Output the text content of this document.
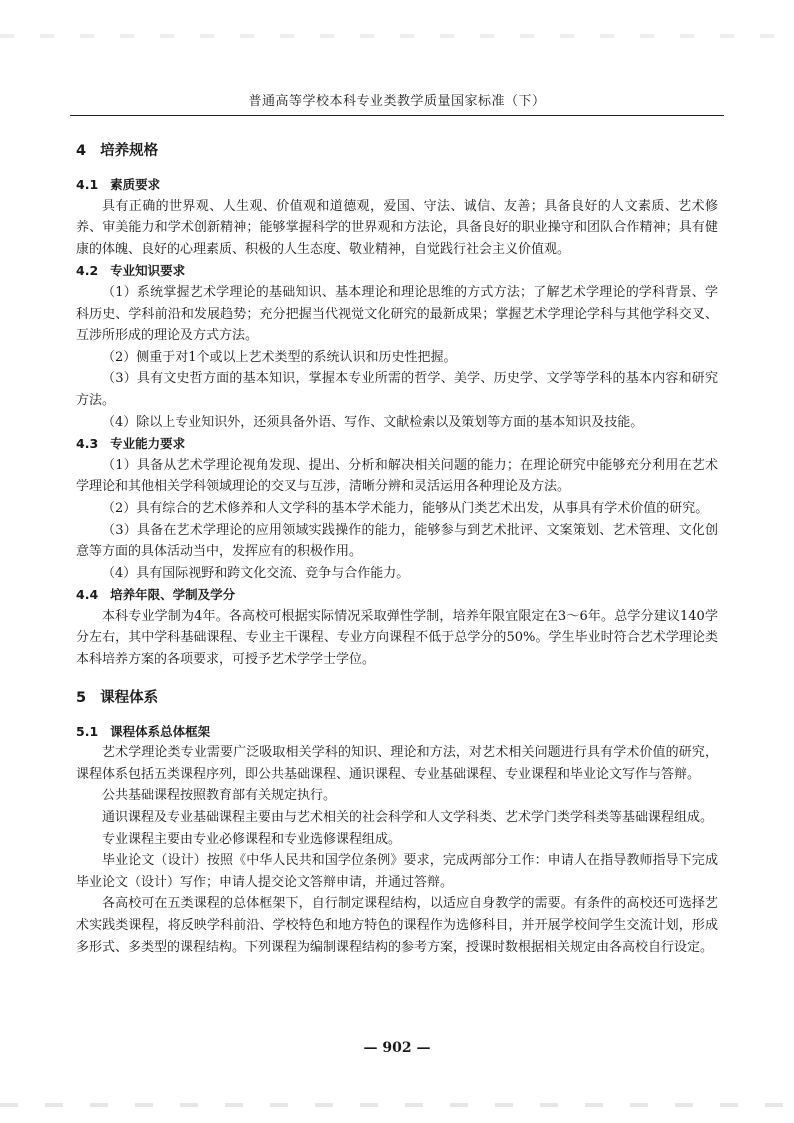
普通高等学校本科专业类教学质量国家标准（下）
4 培养规格
4.1 素质要求

具有正确的世界观、人生观、价值观和道德观，爱国、守法、诚信、友善；具备良好的人文素质、艺术修养、审美能力和学术创新精神；能够掌握科学的世界观和方法论，具备良好的职业操守和团队合作精神；具有健康的体魄、良好的心理素质、积极的人生态度、敬业精神，自觉践行社会主义价值观。

4.2 专业知识要求

（1）系统掌握艺术学理论的基础知识、基本理论和理论思维的方式方法；了解艺术学理论的学科背景、学科历史、学科前沿和发展趋势；充分把握当代视觉文化研究的最新成果；掌握艺术学理论学科与其他学科交叉、互涉所形成的理论及方式方法。

（2）侧重于对1个或以上艺术类型的系统认识和历史性把握。

（3）具有文史哲方面的基本知识，掌握本专业所需的哲学、美学、历史学、文学等学科的基本内容和研究方法。

（4）除以上专业知识外，还须具备外语、写作、文献检索以及策划等方面的基本知识及技能。

4.3 专业能力要求

（1）具备从艺术学理论视角发现、提出、分析和解决相关问题的能力；在理论研究中能够充分利用在艺术学理论和其他相关学科领域理论的交叉与互涉，清晰分辨和灵活运用各种理论及方法。

（2）具有综合的艺术修养和人文学科的基本学术能力，能够从门类艺术出发，从事具有学术价值的研究。

（3）具备在艺术学理论的应用领域实践操作的能力，能够参与到艺术批评、文案策划、艺术管理、文化创意等方面的具体活动当中，发挥应有的积极作用。

（4）具有国际视野和跨文化交流、竞争与合作能力。

4.4 培养年限、学制及学分

本科专业学制为4年。各高校可根据实际情况采取弹性学制，培养年限宜限定在3～6年。总学分建议140学分左右，其中学科基础课程、专业主干课程、专业方向课程不低于总学分的50%。学生毕业时符合艺术学理论类本科培养方案的各项要求，可授予艺术学学士学位。

5 课程体系
5.1 课程体系总体框架

艺术学理论类专业需要广泛吸取相关学科的知识、理论和方法，对艺术相关问题进行具有学术价值的研究，课程体系包括五类课程序列，即公共基础课程、通识课程、专业基础课程、专业课程和毕业论文写作与答辩。

公共基础课程按照教育部有关规定执行。

通识课程及专业基础课程主要由与艺术相关的社会科学和人文学科类、艺术学门类学科类等基础课程组成。

专业课程主要由专业必修课程和专业选修课程组成。

毕业论文（设计）按照《中华人民共和国学位条例》要求，完成两部分工作：申请人在指导教师指导下完成毕业论文（设计）写作；申请人提交论文答辩申请，并通过答辩。

各高校可在五类课程的总体框架下，自行制定课程结构，以适应自身教学的需要。有条件的高校还可选择艺术实践类课程，将反映学科前沿、学校特色和地方特色的课程作为选修科目，并开展学校间学生交流计划，形成多形式、多类型的课程结构。下列课程为编制课程结构的参考方案，授课时数根据相关规定由各高校自行设定。

— 902 —
